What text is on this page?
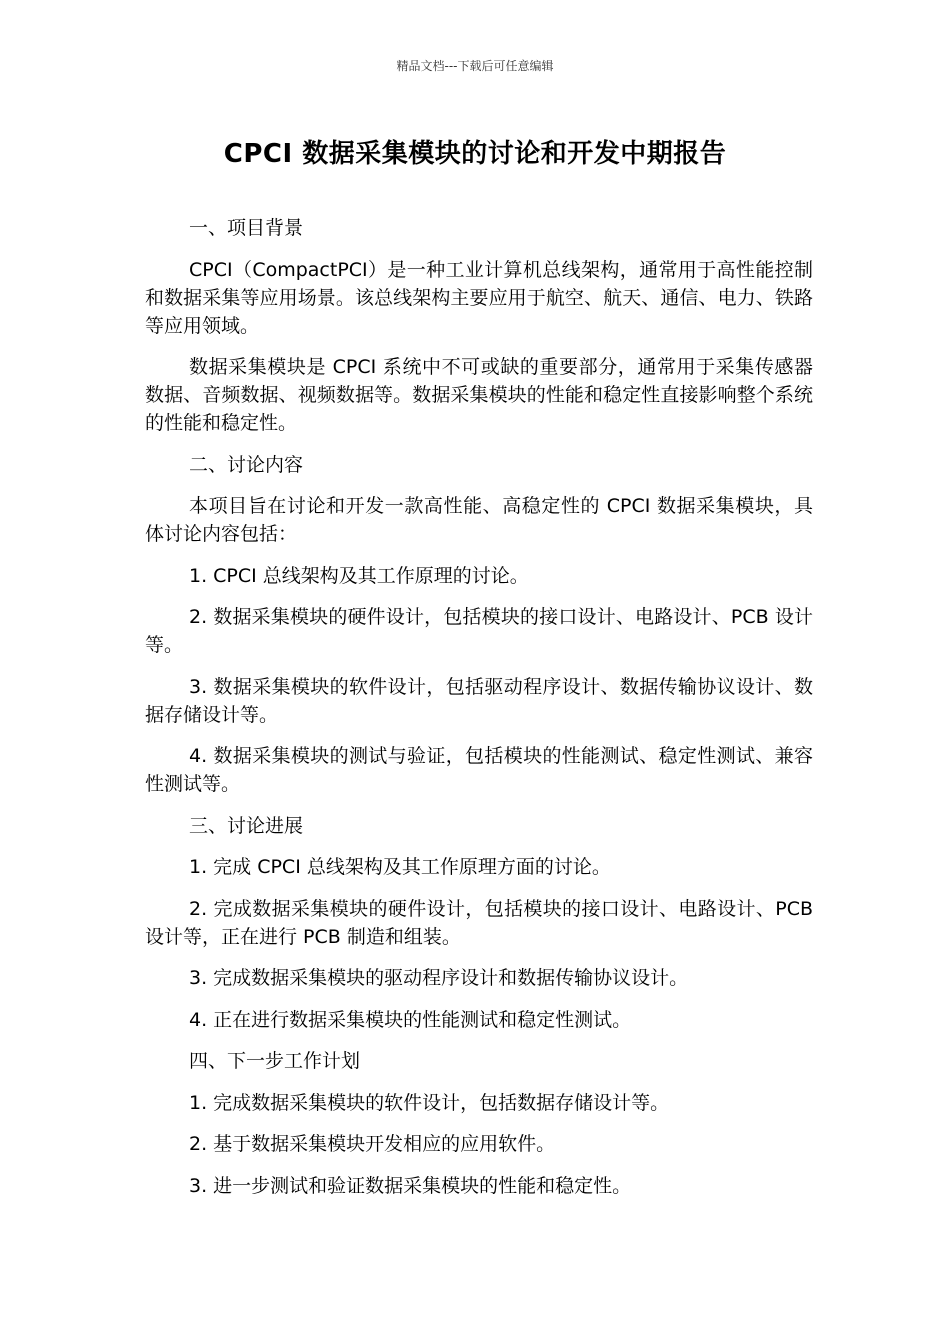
精品文档---下载后可任意编辑
CPCI 数据采集模块的讨论和开发中期报告

一、项目背景

CPCI（CompactPCI）是一种工业计算机总线架构，通常用于高性能控制和数据采集等应用场景。该总线架构主要应用于航空、航天、通信、电力、铁路等应用领域。

数据采集模块是 CPCI 系统中不可或缺的重要部分，通常用于采集传感器数据、音频数据、视频数据等。数据采集模块的性能和稳定性直接影响整个系统的性能和稳定性。

二、讨论内容

本项目旨在讨论和开发一款高性能、高稳定性的 CPCI 数据采集模块，具体讨论内容包括：

1. CPCI 总线架构及其工作原理的讨论。

2. 数据采集模块的硬件设计，包括模块的接口设计、电路设计、PCB 设计等。

3. 数据采集模块的软件设计，包括驱动程序设计、数据传输协议设计、数据存储设计等。

4. 数据采集模块的测试与验证，包括模块的性能测试、稳定性测试、兼容性测试等。

三、讨论进展

1. 完成 CPCI 总线架构及其工作原理方面的讨论。

2. 完成数据采集模块的硬件设计，包括模块的接口设计、电路设计、PCB 设计等，正在进行 PCB 制造和组装。

3. 完成数据采集模块的驱动程序设计和数据传输协议设计。

4. 正在进行数据采集模块的性能测试和稳定性测试。

四、下一步工作计划

1. 完成数据采集模块的软件设计，包括数据存储设计等。

2. 基于数据采集模块开发相应的应用软件。

3. 进一步测试和验证数据采集模块的性能和稳定性。
